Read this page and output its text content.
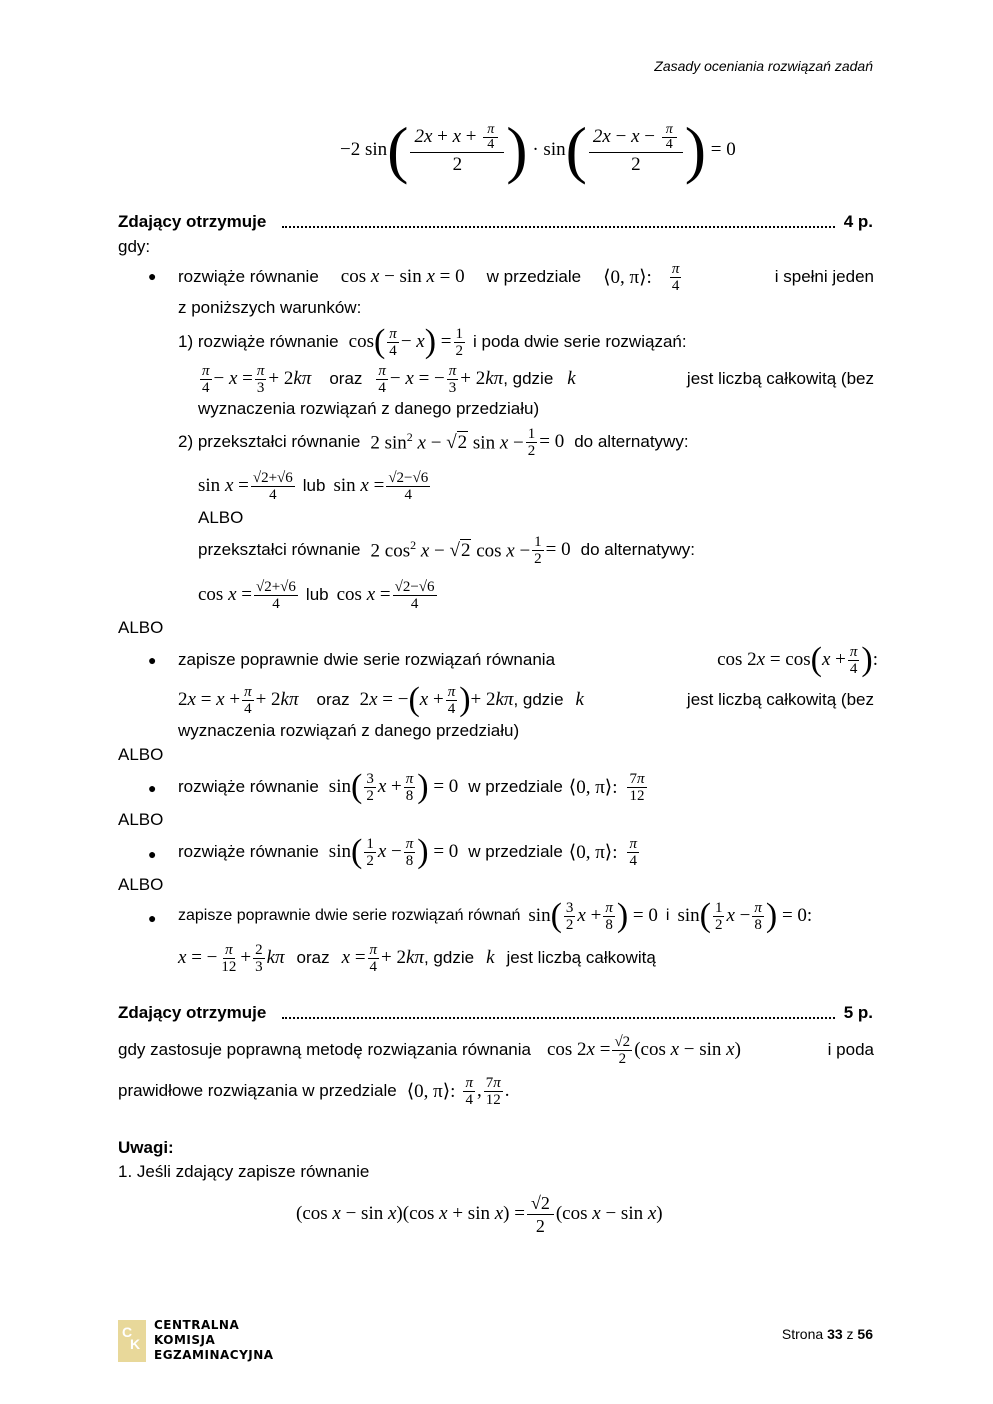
Zasady oceniania rozwiązań zadań
−2 sin ( $\frac{2x + x + \frac{\pi}{4}}{2}$ ) · sin ( $\frac{2x - x - \frac{\pi}{4}}{2}$ ) = 0
Zdający otrzymuje	4 p.
gdy:
● rozwiąże równanie cos x − sin x = 0 w przedziale ⟨0, π⟩: $\frac{\pi}{4}$	i spełni jeden
z poniższych warunków:
1) rozwiąże równanie cos ( $\frac{\pi}{4} - x$ ) = $\frac{1}{2}$ i poda dwie serie rozwiązań:
$\frac{\pi}{4} - x = \frac{\pi}{3} + 2k\pi$ oraz $\frac{\pi}{4} - x$ = − $\frac{\pi}{3} + 2k\pi$ , gdzie k	jest liczbą całkowitą (bez
wyznaczenia rozwiązań z danego przedziału)
2) przekształci równanie 2 $\sin^2 x - √2$ $\sin x - \frac{1}{2} = 0$ do alternatywy:
$\sin x = \frac{√2+√6}{4}$ lub $\sin x = \frac{√2-√6}{4}$
ALBO
przekształci równanie 2 $\cos^2 x - √2$ $\cos x - \frac{1}{2} = 0$ do alternatywy:
$\cos x = \frac{√2+√6}{4}$ lub $\cos x = \frac{√2-√6}{4}$
ALBO
● zapisze poprawnie dwie serie rozwiązań równania	cos 2x = cos ( $x + \frac{\pi}{4}$ ) :
$2x = x + \frac{\pi}{4} + 2k\pi$ oraz 2x = − ( $x + \frac{\pi}{4}$ ) + 2kπ , gdzie k	jest liczbą całkowitą (bez
wyznaczenia rozwiązań z danego przedziału)
ALBO
● rozwiąże równanie sin ( $\frac{3}{2}$ $x + \frac{\pi}{8}$ ) = 0 w przedziale ⟨0, π⟩: $\frac{7\pi}{12}$
ALBO
● rozwiąże równanie sin ( $\frac{1}{2}$ $x - \frac{\pi}{8}$ ) = 0 w przedziale ⟨0, π⟩: $\frac{\pi}{4}$
ALBO
● zapisze poprawnie dwie serie rozwiązań równań sin ( $\frac{3}{2}$ $x + \frac{\pi}{8}$ ) = 0 i sin ( $\frac{1}{2}$ $x - \frac{\pi}{8}$ ) = 0:
x = − $\frac{\pi}{12} + \frac{2}{3}$ kπ oraz $x = \frac{\pi}{4} + 2k\pi$ , gdzie k jest liczbą całkowitą
Zdający otrzymuje	5 p.
gdy zastosuje poprawną metodę rozwiązania równania $\cos 2x = \frac{√2}{2} (\cos$ x − sin x)	i poda
prawidłowe rozwiązania w przedziale ⟨0, π⟩: $\frac{\pi}{4}$ , $\frac{7\pi}{12}$ .
Uwagi:
1. Jeśli zdający zapisze równanie
(cos x − sin x)(cos $x + \sin x) = \frac{√2}{2} (\cos$ x − sin x)
C
K
CENTRALNA
KOMISJA
EGZAMINACYJNA
Strona 33 z 56
